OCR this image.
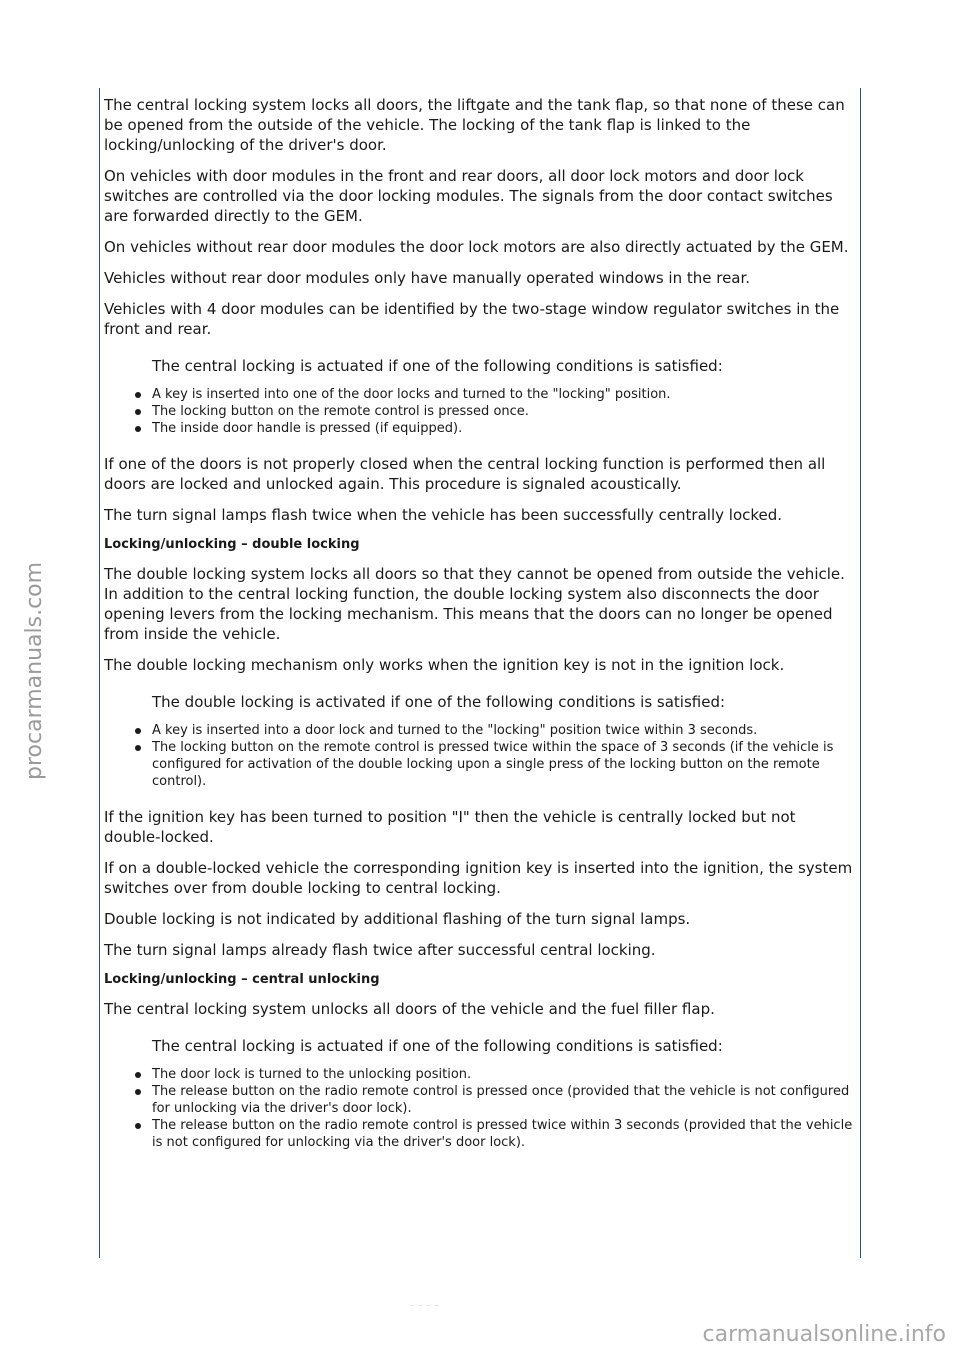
The central locking system locks all doors, the liftgate and the tank flap, so that none of these can be opened from the outside of the vehicle. The locking of the tank flap is linked to the locking/unlocking of the driver's door.

On vehicles with door modules in the front and rear doors, all door lock motors and door lock switches are controlled via the door locking modules. The signals from the door contact switches are forwarded directly to the GEM.

On vehicles without rear door modules the door lock motors are also directly actuated by the GEM.

Vehicles without rear door modules only have manually operated windows in the rear.

Vehicles with 4 door modules can be identified by the two-stage window regulator switches in the front and rear.

The central locking is actuated if one of the following conditions is satisfied:

A key is inserted into one of the door locks and turned to the "locking" position.
The locking button on the remote control is pressed once.
The inside door handle is pressed (if equipped).

If one of the doors is not properly closed when the central locking function is performed then all doors are locked and unlocked again. This procedure is signaled acoustically.

The turn signal lamps flash twice when the vehicle has been successfully centrally locked.

Locking/unlocking – double locking

The double locking system locks all doors so that they cannot be opened from outside the vehicle. In addition to the central locking function, the double locking system also disconnects the door opening levers from the locking mechanism. This means that the doors can no longer be opened from inside the vehicle.

The double locking mechanism only works when the ignition key is not in the ignition lock.

The double locking is activated if one of the following conditions is satisfied:

A key is inserted into a door lock and turned to the "locking" position twice within 3 seconds.
The locking button on the remote control is pressed twice within the space of 3 seconds (if the vehicle is configured for activation of the double locking upon a single press of the locking button on the remote control).

If the ignition key has been turned to position "I" then the vehicle is centrally locked but not double-locked.

If on a double-locked vehicle the corresponding ignition key is inserted into the ignition, the system switches over from double locking to central locking.

Double locking is not indicated by additional flashing of the turn signal lamps.

The turn signal lamps already flash twice after successful central locking.

Locking/unlocking – central unlocking

The central locking system unlocks all doors of the vehicle and the fuel filler flap.

The central locking is actuated if one of the following conditions is satisfied:

The door lock is turned to the unlocking position.
The release button on the radio remote control is pressed once (provided that the vehicle is not configured for unlocking via the driver's door lock).
The release button on the radio remote control is pressed twice within 3 seconds (provided that the vehicle is not configured for unlocking via the driver's door lock).
- - - -
procarmanuals.com
carmanualsonline.info
